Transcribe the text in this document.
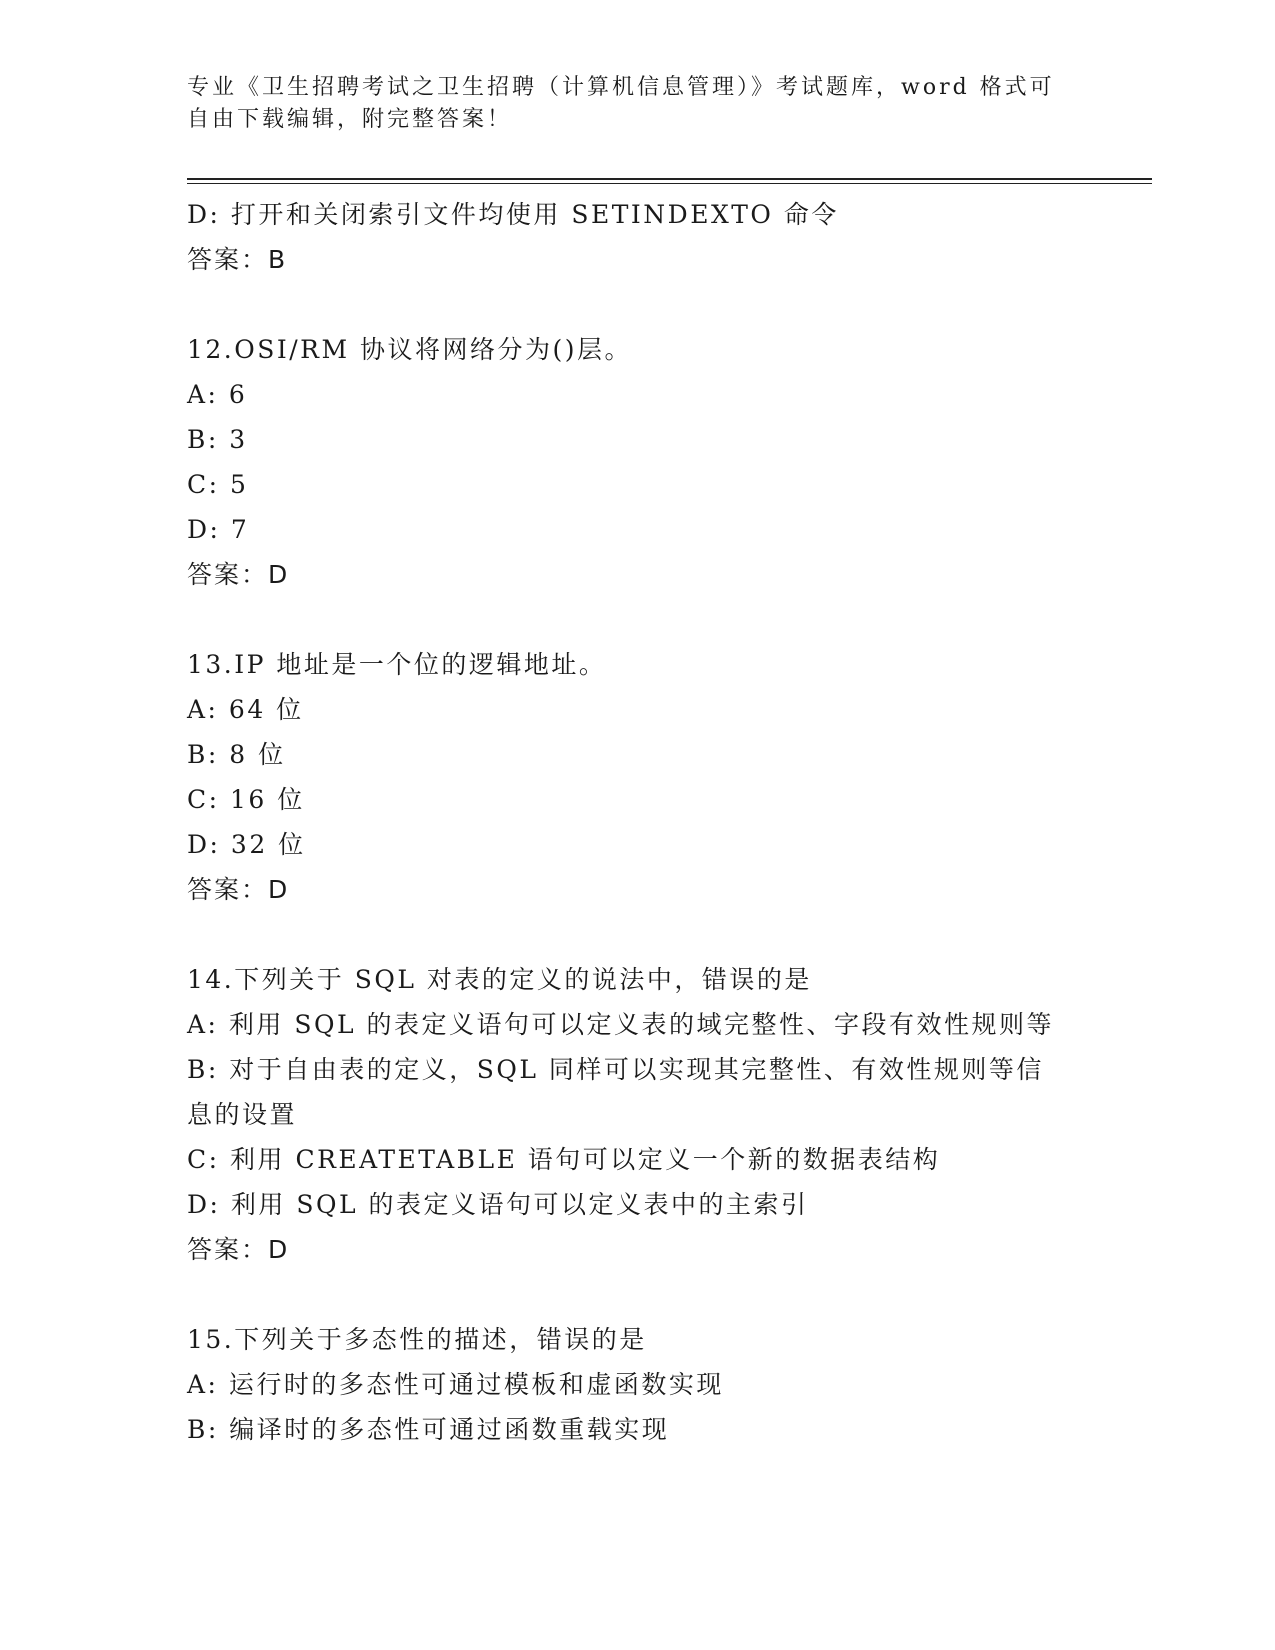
专业《卫生招聘考试之卫生招聘（计算机信息管理）》考试题库，word 格式可自由下载编辑，附完整答案！
D: 打开和关闭索引文件均使用 SETINDEXTO 命令
答案：B
12.OSI/RM 协议将网络分为()层。
A: 6
B: 3
C: 5
D: 7
答案：D
13.IP 地址是一个位的逻辑地址。
A: 64 位
B: 8 位
C: 16 位
D: 32 位
答案：D
14.下列关于 SQL 对表的定义的说法中，错误的是
A: 利用 SQL 的表定义语句可以定义表的域完整性、字段有效性规则等
B: 对于自由表的定义，SQL 同样可以实现其完整性、有效性规则等信息的设置
C: 利用 CREATETABLE 语句可以定义一个新的数据表结构
D: 利用 SQL 的表定义语句可以定义表中的主索引
答案：D
15.下列关于多态性的描述，错误的是
A: 运行时的多态性可通过模板和虚函数实现
B: 编译时的多态性可通过函数重载实现
